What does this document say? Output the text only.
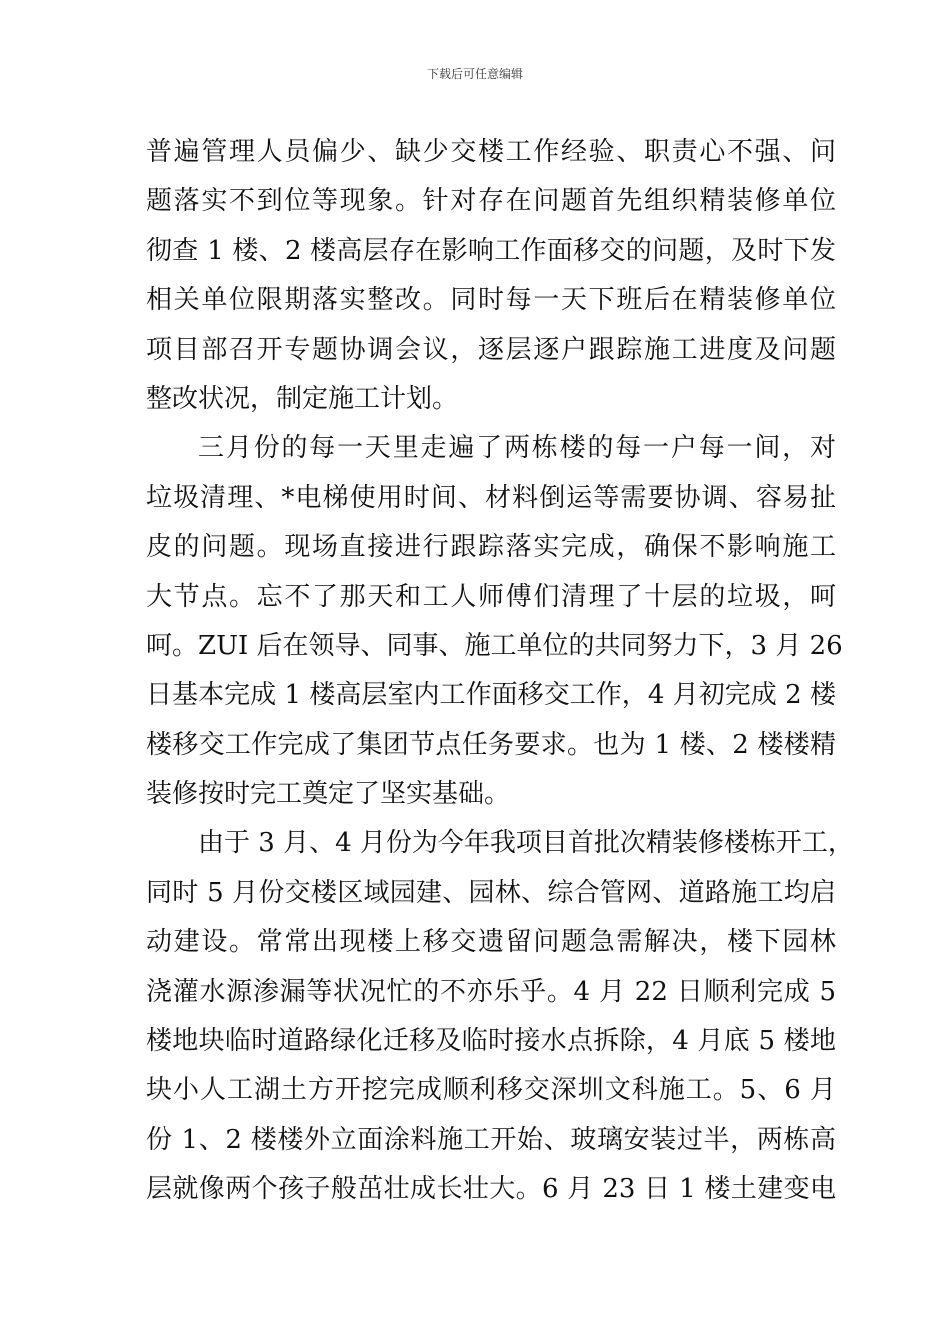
下载后可任意编辑
普遍管理人员偏少、缺少交楼工作经验、职责心不强、问
题落实不到位等现象。针对存在问题首先组织精装修单位
彻查 1 楼、2 楼高层存在影响工作面移交的问题，及时下发
相关单位限期落实整改。同时每一天下班后在精装修单位
项目部召开专题协调会议，逐层逐户跟踪施工进度及问题
整改状况，制定施工计划。
三月份的每一天里走遍了两栋楼的每一户每一间，对
垃圾清理、*电梯使用时间、材料倒运等需要协调、容易扯
皮的问题。现场直接进行跟踪落实完成，确保不影响施工
大节点。忘不了那天和工人师傅们清理了十层的垃圾，呵
呵。ZUI 后在领导、同事、施工单位的共同努力下，3 月 26
日基本完成 1 楼高层室内工作面移交工作，4 月初完成 2 楼
楼移交工作完成了集团节点任务要求。也为 1 楼、2 楼楼精
装修按时完工奠定了坚实基础。
由于 3 月、4 月份为今年我项目首批次精装修楼栋开工，
同时 5 月份交楼区域园建、园林、综合管网、道路施工均启
动建设。常常出现楼上移交遗留问题急需解决，楼下园林
浇灌水源渗漏等状况忙的不亦乐乎。4 月 22 日顺利完成 5
楼地块临时道路绿化迁移及临时接水点拆除，4 月底 5 楼地
块小人工湖土方开挖完成顺利移交深圳文科施工。5、6 月
份 1、2 楼楼外立面涂料施工开始、玻璃安装过半，两栋高
层就像两个孩子般茁壮成长壮大。6 月 23 日 1 楼土建变电
